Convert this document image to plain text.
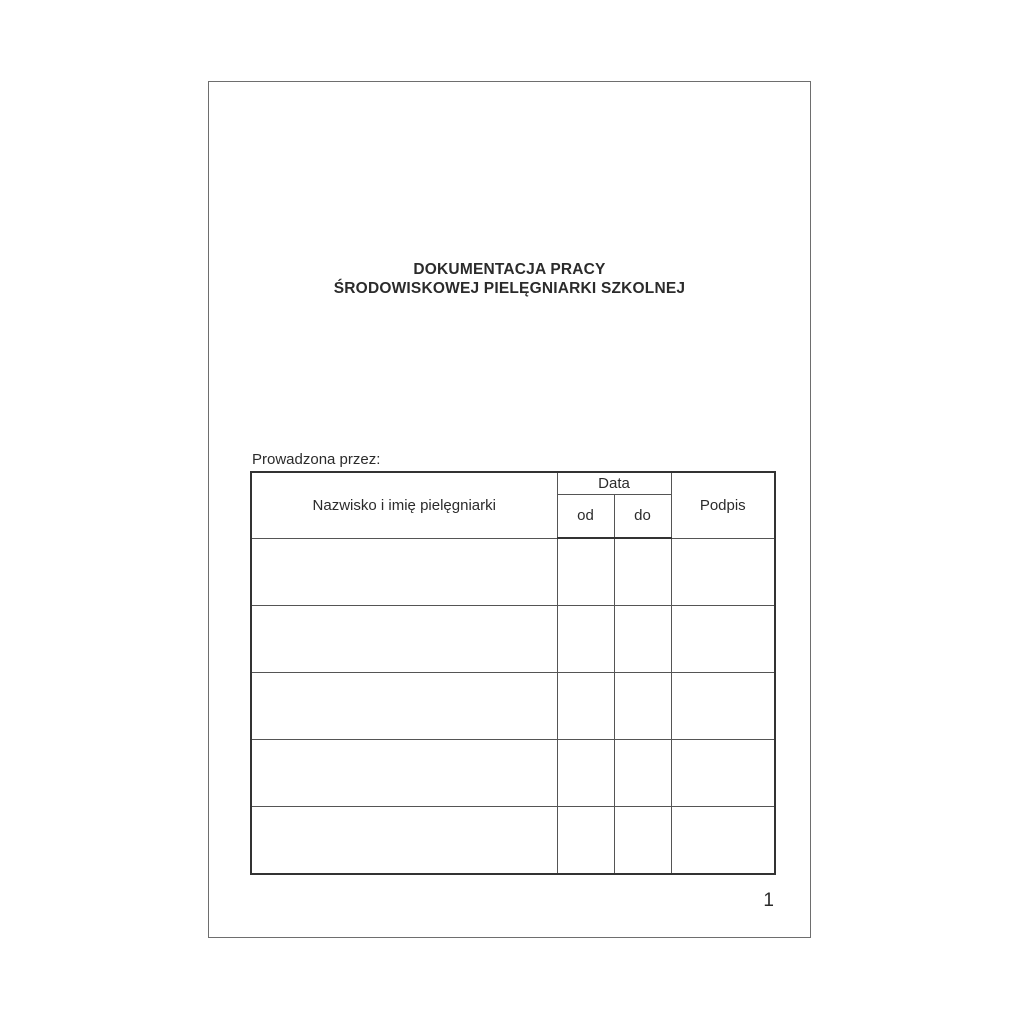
DOKUMENTACJA PRACY
ŚRODOWISKOWEJ PIELĘGNIARKI SZKOLNEJ
Prowadzona przez:
Nazwisko i imię pielęgniarki	Data		Podpis
	od	do	

1
